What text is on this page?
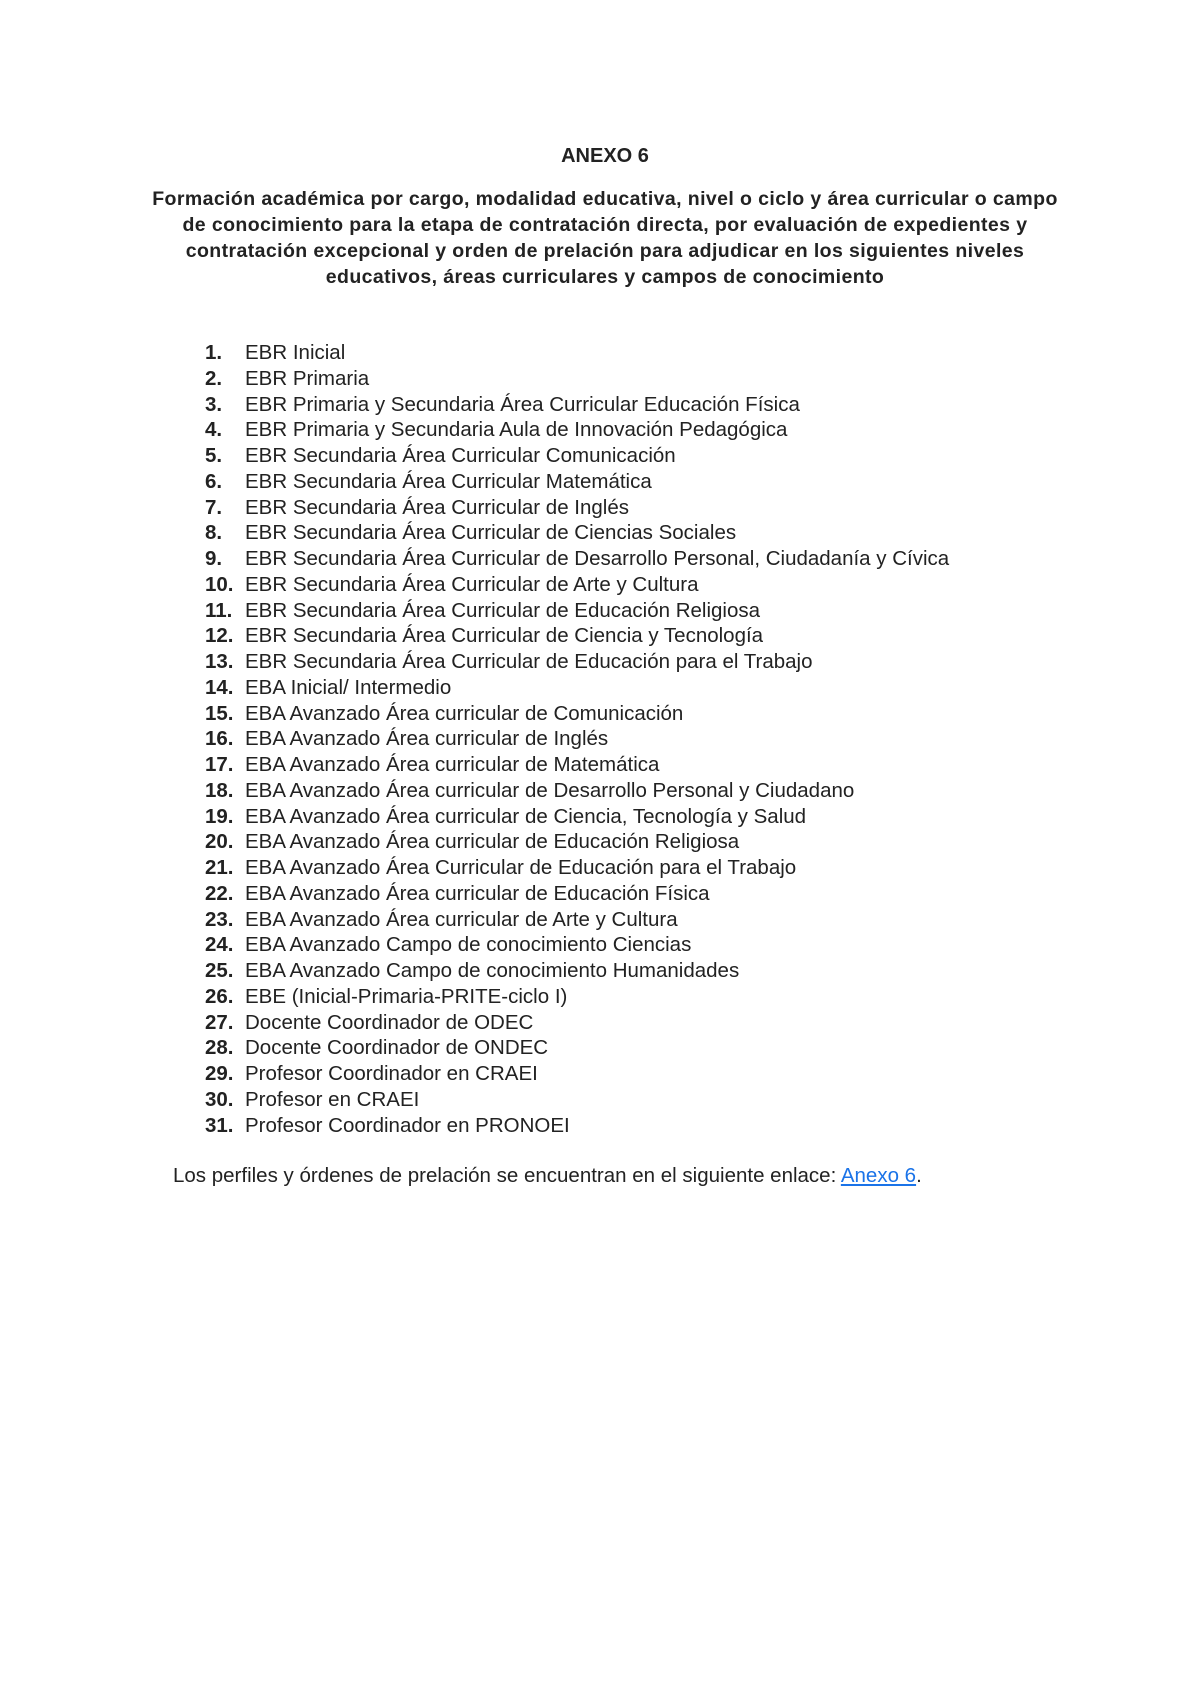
ANEXO 6
Formación académica por cargo, modalidad educativa, nivel o ciclo y área curricular o campo de conocimiento para la etapa de contratación directa, por evaluación de expedientes y contratación excepcional y orden de prelación para adjudicar en los siguientes niveles educativos, áreas curriculares y campos de conocimiento
1. EBR Inicial
2. EBR Primaria
3. EBR Primaria y Secundaria Área Curricular Educación Física
4. EBR Primaria y Secundaria Aula de Innovación Pedagógica
5. EBR Secundaria Área Curricular Comunicación
6. EBR Secundaria Área Curricular Matemática
7. EBR Secundaria Área Curricular de Inglés
8. EBR Secundaria Área Curricular de Ciencias Sociales
9. EBR Secundaria Área Curricular de Desarrollo Personal, Ciudadanía y Cívica
10. EBR Secundaria Área Curricular de Arte y Cultura
11. EBR Secundaria Área Curricular de Educación Religiosa
12. EBR Secundaria Área Curricular de Ciencia y Tecnología
13. EBR Secundaria Área Curricular de Educación para el Trabajo
14. EBA Inicial/ Intermedio
15. EBA Avanzado Área curricular de Comunicación
16. EBA Avanzado Área curricular de Inglés
17. EBA Avanzado Área curricular de Matemática
18. EBA Avanzado Área curricular de Desarrollo Personal y Ciudadano
19. EBA Avanzado Área curricular de Ciencia, Tecnología y Salud
20. EBA Avanzado Área curricular de Educación Religiosa
21. EBA Avanzado Área Curricular de Educación para el Trabajo
22. EBA Avanzado Área curricular de Educación Física
23. EBA Avanzado Área curricular de Arte y Cultura
24. EBA Avanzado Campo de conocimiento Ciencias
25. EBA Avanzado Campo de conocimiento Humanidades
26. EBE (Inicial-Primaria-PRITE-ciclo I)
27. Docente Coordinador de ODEC
28. Docente Coordinador de ONDEC
29. Profesor Coordinador en CRAEI
30. Profesor en CRAEI
31. Profesor Coordinador en PRONOEI
Los perfiles y órdenes de prelación se encuentran en el siguiente enlace: Anexo 6.
